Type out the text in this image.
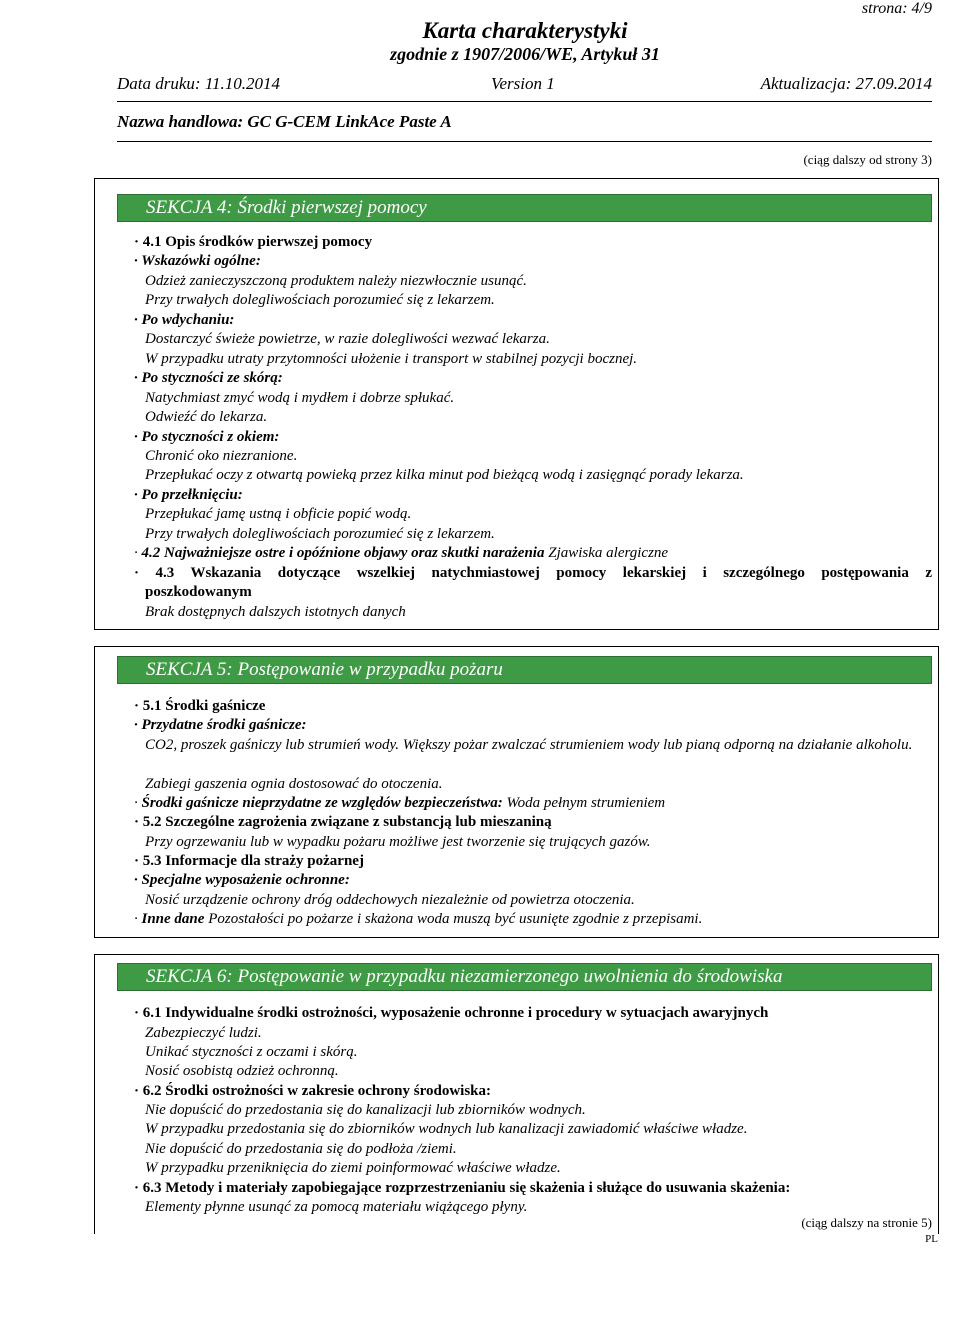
strona: 4/9
Karta charakterystyki
zgodnie z 1907/2006/WE, Artykuł 31
Data druku: 11.10.2014	Version 1	Aktualizacja: 27.09.2014
Nazwa handlowa: GC G-CEM LinkAce Paste A
(ciąg dalszy od strony 3)
SEKCJA 4: Środki pierwszej pomocy
· 4.1 Opis środków pierwszej pomocy
· Wskazówki ogólne:
Odzież zanieczyszczoną produktem należy niezwłocznie usunąć.
Przy trwałych dolegliwościach porozumieć się z lekarzem.
· Po wdychaniu:
Dostarczyć świeże powietrze, w razie dolegliwości wezwać lekarza.
W przypadku utraty przytomności ułożenie i transport w stabilnej pozycji bocznej.
· Po styczności ze skórą:
Natychmiast zmyć wodą i mydłem i dobrze spłukać.
Odwieźć do lekarza.
· Po styczności z okiem:
Chronić oko niezranione.
Przepłukać oczy z otwartą powieką przez kilka minut pod bieżącą wodą i zasięgnąć porady lekarza.
· Po przełknięciu:
Przepłukać jamę ustną i obficie popić wodą.
Przy trwałych dolegliwościach porozumieć się z lekarzem.
· 4.2 Najważniejsze ostre i opóźnione objawy oraz skutki narażenia Zjawiska alergiczne
· 4.3 Wskazania dotyczące wszelkiej natychmiastowej pomocy lekarskiej i szczególnego postępowania z
poszkodowanym
Brak dostępnych dalszych istotnych danych
SEKCJA 5: Postępowanie w przypadku pożaru
· 5.1 Środki gaśnicze
· Przydatne środki gaśnicze:
CO2, proszek gaśniczy lub strumień wody. Większy pożar zwalczać strumieniem wody lub pianą odporną na działanie alkoholu.
Zabiegi gaszenia ognia dostosować do otoczenia.
· Środki gaśnicze nieprzydatne ze względów bezpieczeństwa: Woda pełnym strumieniem
· 5.2 Szczególne zagrożenia związane z substancją lub mieszaniną
Przy ogrzewaniu lub w wypadku pożaru możliwe jest tworzenie się trujących gazów.
· 5.3 Informacje dla straży pożarnej
· Specjalne wyposażenie ochronne:
Nosić urządzenie ochrony dróg oddechowych niezależnie od powietrza otoczenia.
· Inne dane Pozostałości po pożarze i skażona woda muszą być usunięte zgodnie z przepisami.
SEKCJA 6: Postępowanie w przypadku niezamierzonego uwolnienia do środowiska
· 6.1 Indywidualne środki ostrożności, wyposażenie ochronne i procedury w sytuacjach awaryjnych
Zabezpieczyć ludzi.
Unikać styczności z oczami i skórą.
Nosić osobistą odzież ochronną.
· 6.2 Środki ostrożności w zakresie ochrony środowiska:
Nie dopuścić do przedostania się do kanalizacji lub zbiorników wodnych.
W przypadku przedostania się do zbiorników wodnych lub kanalizacji zawiadomić właściwe władze.
Nie dopuścić do przedostania się do podłoża /ziemi.
W przypadku przeniknięcia do ziemi poinformować właściwe władze.
· 6.3 Metody i materiały zapobiegające rozprzestrzenianiu się skażenia i służące do usuwania skażenia:
Elementy płynne usunąć za pomocą materiału wiążącego płyny.
(ciąg dalszy na stronie 5)
PL
